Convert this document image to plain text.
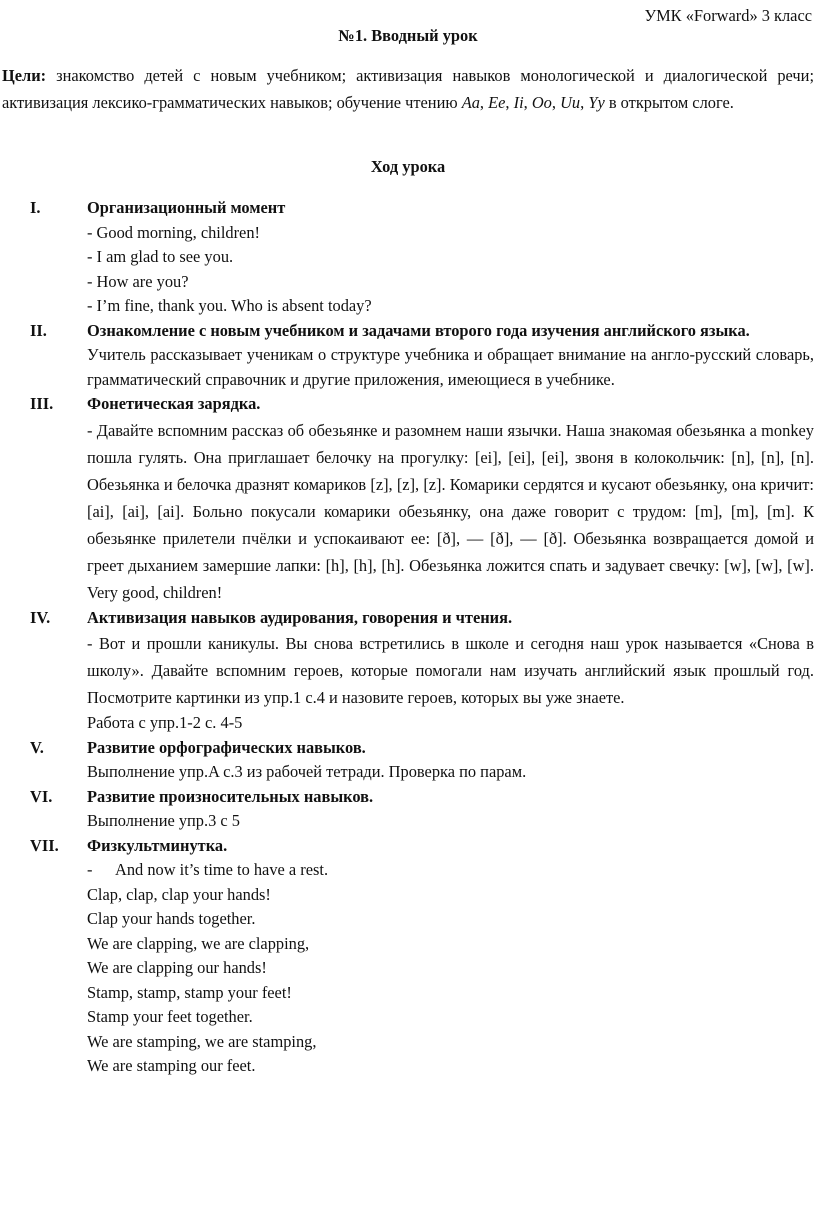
УМК «Forward» 3 класс
№1. Вводный урок
Цели: знакомство детей с новым учебником; активизация навыков монологической и диалогической речи; активизация лексико-грамматических навыков; обучение чтению Aa, Ee, Ii, Oo, Uu, Yy в открытом слоге.
Ход урока
I.	Организационный момент
- Good morning, children!
- I am glad to see you.
- How are you?
- I’m fine, thank you. Who is absent today?
II. Ознакомление с новым учебником и задачами второго года изучения английского языка.
Учитель рассказывает ученикам о структуре учебника и обращает внимание на англо-русский словарь, грамматический справочник и другие приложения, имеющиеся в учебнике.
III. Фонетическая зарядка.
- Давайте вспомним рассказ об обезьянке и разомнем наши язычки. Наша знакомая обезьянка a monkey пошла гулять. Она приглашает белочку на прогулку: [ei], [ei], [ei], звоня в колокольчик: [n], [n], [n]. Обезьянка и белочка дразнят комариков [z], [z], [z]. Комарики сердятся и кусают обезьянку, она кричит: [ai], [ai], [ai]. Больно покусали комарики обезьянку, она даже говорит с трудом: [m], [m], [m]. К обезьянке прилетели пчёлки и успокаивают ее: [ð], — [ð], — [ð]. Обезьянка возвращается домой и греет дыханием замершие лапки: [h], [h], [h]. Обезьянка ложится спать и задувает свечку: [w], [w], [w]. Very good, children!
IV. Активизация навыков аудирования, говорения и чтения.
- Вот и прошли каникулы. Вы снова встретились в школе и сегодня наш урок называется «Снова в школу». Давайте вспомним героев, которые помогали нам изучать английский язык прошлый год. Посмотрите картинки из упр.1 с.4 и назовите героев, которых вы уже знаете.
Работа с упр.1-2 с. 4-5
V.	Развитие орфографических навыков.
Выполнение упр.A с.3 из рабочей тетради. Проверка по парам.
VI. Развитие произносительных навыков.
Выполнение упр.3 с 5
VII. Физкультминутка.
- And now it’s time to have a rest.
Clap, clap, clap your hands!
Clap your hands together.
We are clapping, we are clapping,
We are clapping our hands!
Stamp, stamp, stamp your feet!
Stamp your feet together.
We are stamping, we are stamping,
We are stamping our feet.
